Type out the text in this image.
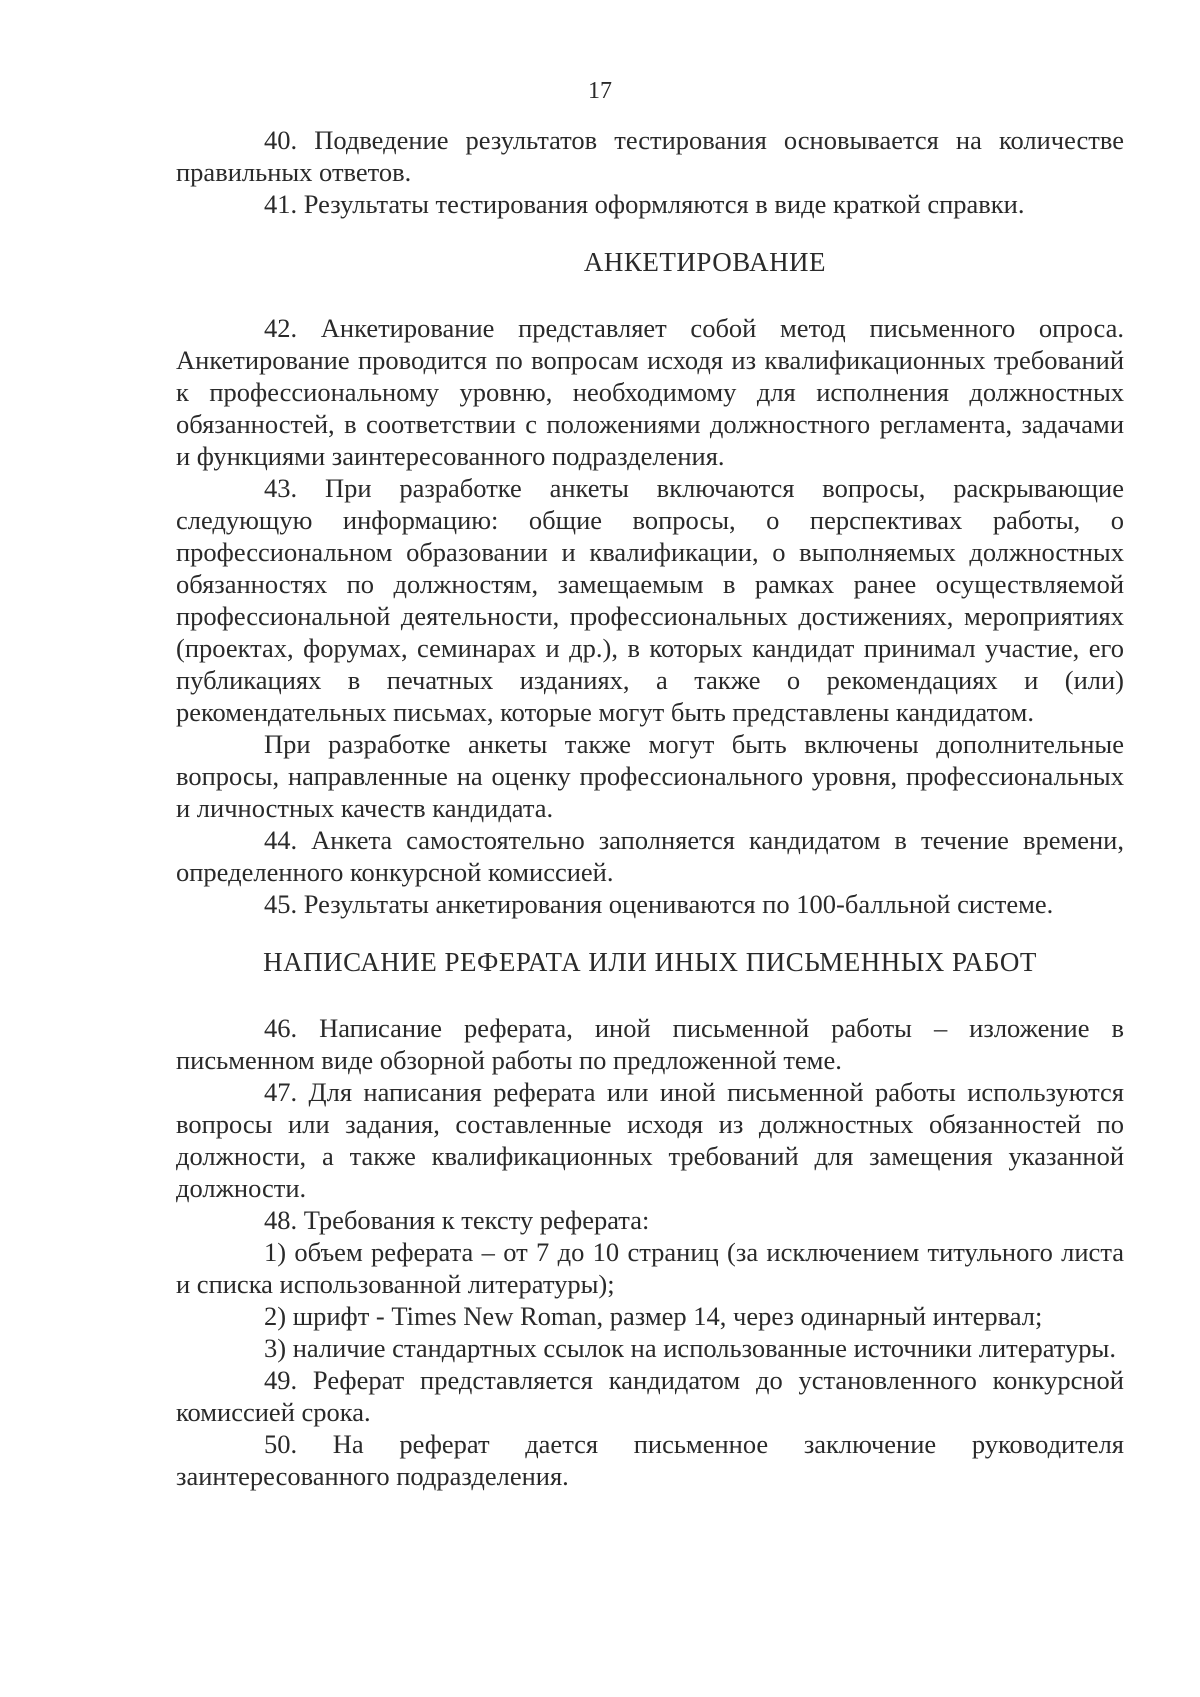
17

40. Подведение результатов тестирования основывается на количестве правильных ответов.

41. Результаты тестирования оформляются в виде краткой справки.

АНКЕТИРОВАНИЕ

42. Анкетирование представляет собой метод письменного опроса. Анкетирование проводится по вопросам исходя из квалификационных требований к профессиональному уровню, необходимому для исполнения должностных обязанностей, в соответствии с положениями должностного регламента, задачами и функциями заинтересованного подразделения.

43. При разработке анкеты включаются вопросы, раскрывающие следующую информацию: общие вопросы, о перспективах работы, о профессиональном образовании и квалификации, о выполняемых должностных обязанностях по должностям, замещаемым в рамках ранее осуществляемой профессиональной деятельности, профессиональных достижениях, мероприятиях (проектах, форумах, семинарах и др.), в которых кандидат принимал участие, его публикациях в печатных изданиях, а также о рекомендациях и (или) рекомендательных письмах, которые могут быть представлены кандидатом.

При разработке анкеты также могут быть включены дополнительные вопросы, направленные на оценку профессионального уровня, профессиональных и личностных качеств кандидата.

44. Анкета самостоятельно заполняется кандидатом в течение времени, определенного конкурсной комиссией.

45. Результаты анкетирования оцениваются по 100-балльной системе.

НАПИСАНИЕ РЕФЕРАТА ИЛИ ИНЫХ ПИСЬМЕННЫХ РАБОТ

46. Написание реферата, иной письменной работы – изложение в письменном виде обзорной работы по предложенной теме.

47. Для написания реферата или иной письменной работы используются вопросы или задания, составленные исходя из должностных обязанностей по должности, а также квалификационных требований для замещения указанной должности.

48. Требования к тексту реферата:

1) объем реферата – от 7 до 10 страниц (за исключением титульного листа и списка использованной литературы);

2) шрифт - Times New Roman, размер 14, через одинарный интервал;

3) наличие стандартных ссылок на использованные источники литературы.

49. Реферат представляется кандидатом до установленного конкурсной комиссией срока.

50. На реферат дается письменное заключение руководителя заинтересованного подразделения.
